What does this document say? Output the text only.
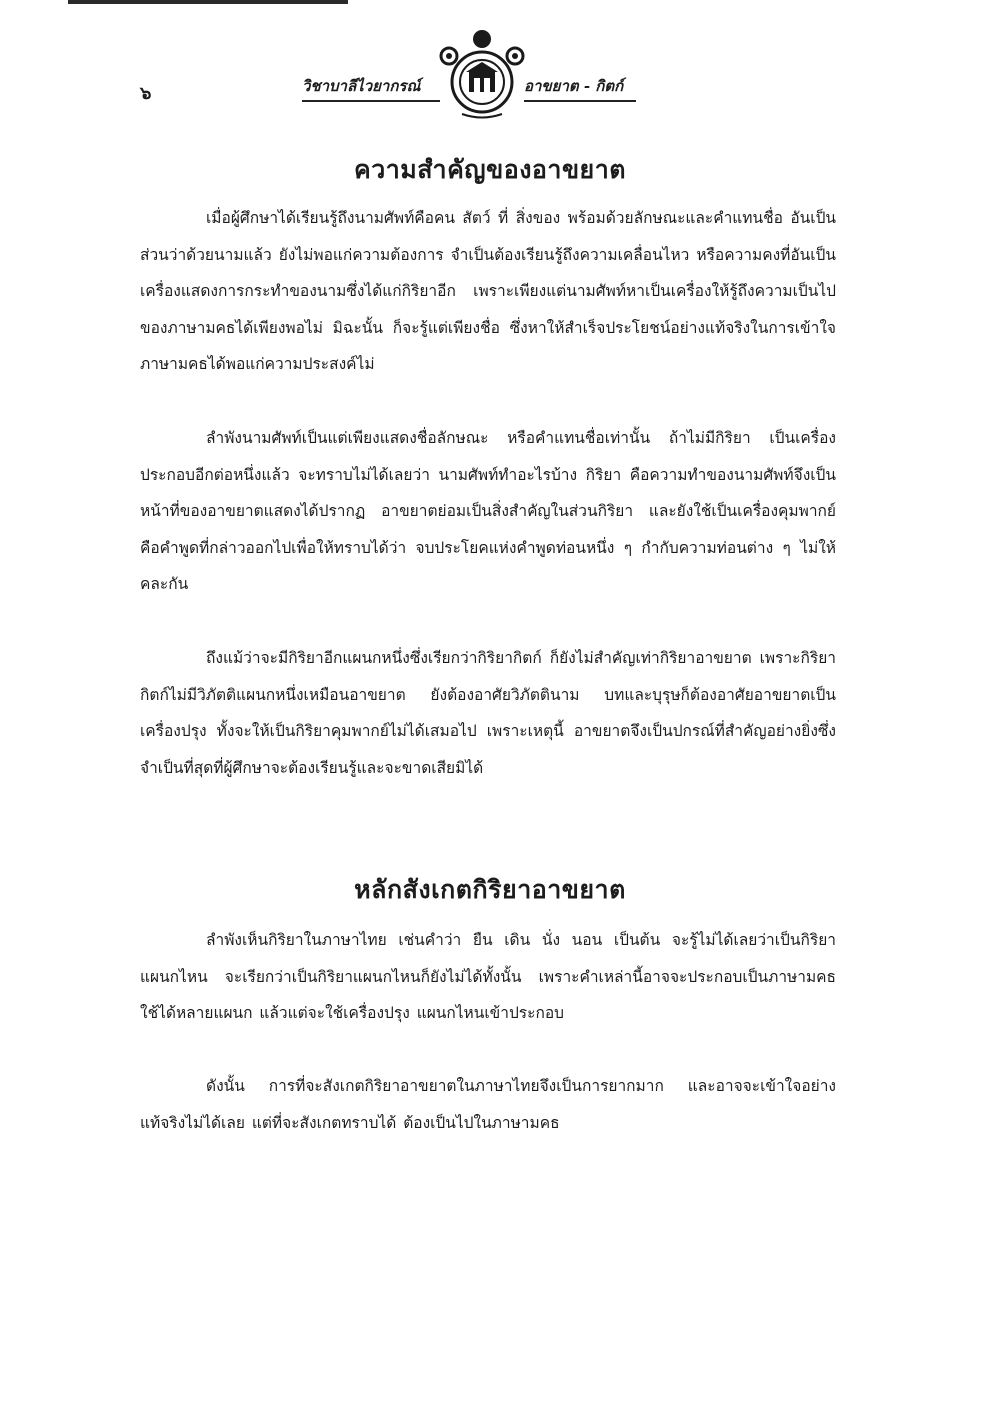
๖	วิชาบาลีไวยากรณ์	อาขยาต - กิตก์
ความสำคัญของอาขยาต

เมื่อผู้ศึกษาได้เรียนรู้ถึงนามศัพท์คือคน สัตว์ ที่ สิ่งของ พร้อมด้วยลักษณะและคำแทนชื่อ อันเป็นส่วนว่าด้วยนามแล้ว ยังไม่พอแก่ความต้องการ จำเป็นต้องเรียนรู้ถึงความเคลื่อนไหว หรือความคงที่อันเป็นเครื่องแสดงการกระทำของนามซึ่งได้แก่กิริยาอีก เพราะเพียงแต่นามศัพท์หาเป็นเครื่องให้รู้ถึงความเป็นไปของภาษามคธได้เพียงพอไม่ มิฉะนั้น ก็จะรู้แต่เพียงชื่อ ซึ่งหาให้สำเร็จประโยชน์อย่างแท้จริงในการเข้าใจภาษามคธได้พอแก่ความประสงค์ไม่

ลำพังนามศัพท์เป็นแต่เพียงแสดงชื่อลักษณะ หรือคำแทนชื่อเท่านั้น ถ้าไม่มีกิริยา เป็นเครื่องประกอบอีกต่อหนึ่งแล้ว จะทราบไม่ได้เลยว่า นามศัพท์ทำอะไรบ้าง กิริยา คือความทำของนามศัพท์จึงเป็นหน้าที่ของอาขยาตแสดงได้ปรากฏ อาขยาตย่อมเป็นสิ่งสำคัญในส่วนกิริยา และยังใช้เป็นเครื่องคุมพากย์ คือคำพูดที่กล่าวออกไปเพื่อให้ทราบได้ว่า จบประโยคแห่งคำพูดท่อนหนึ่ง ๆ กำกับความท่อนต่าง ๆ ไม่ให้คละกัน

ถึงแม้ว่าจะมีกิริยาอีกแผนกหนึ่งซึ่งเรียกว่ากิริยากิตก์ ก็ยังไม่สำคัญเท่ากิริยาอาขยาต เพราะกิริยากิตก์ไม่มีวิภัตติแผนกหนึ่งเหมือนอาขยาต ยังต้องอาศัยวิภัตตินาม บทและบุรุษก็ต้องอาศัยอาขยาตเป็นเครื่องปรุง ทั้งจะให้เป็นกิริยาคุมพากย์ไม่ได้เสมอไป เพราะเหตุนี้ อาขยาตจึงเป็นปกรณ์ที่สำคัญอย่างยิ่งซึ่งจำเป็นที่สุดที่ผู้ศึกษาจะต้องเรียนรู้และจะขาดเสียมิได้

หลักสังเกตกิริยาอาขยาต

ลำพังเห็นกิริยาในภาษาไทย เช่นคำว่า ยืน เดิน นั่ง นอน เป็นต้น จะรู้ไม่ได้เลยว่าเป็นกิริยาแผนกไหน จะเรียกว่าเป็นกิริยาแผนกไหนก็ยังไม่ได้ทั้งนั้น เพราะคำเหล่านี้อาจจะประกอบเป็นภาษามคธใช้ได้หลายแผนก แล้วแต่จะใช้เครื่องปรุง แผนกไหนเข้าประกอบ

ดังนั้น การที่จะสังเกตกิริยาอาขยาตในภาษาไทยจึงเป็นการยากมาก และอาจจะเข้าใจอย่างแท้จริงไม่ได้เลย แต่ที่จะสังเกตทราบได้ ต้องเป็นไปในภาษามคธ
